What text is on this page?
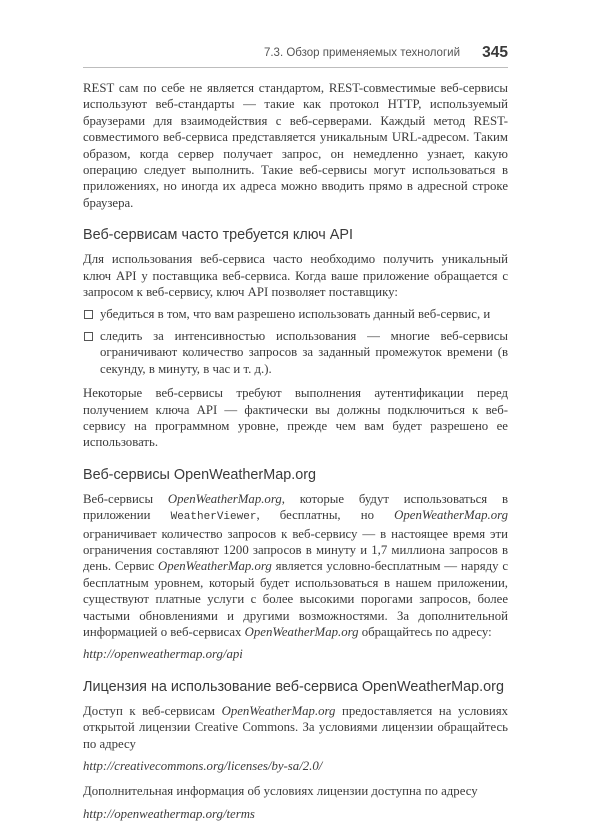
7.3. Обзор применяемых технологий 345

REST сам по себе не является стандартом, REST-совместимые веб-сервисы используют веб-стандарты — такие как протокол HTTP, используемый браузерами для взаимодействия с веб-серверами. Каждый метод REST-совместимого веб-сервиса представляется уникальным URL-адресом. Таким образом, когда сервер получает запрос, он немедленно узнает, какую операцию следует выполнить. Такие веб-сервисы могут использоваться в приложениях, но иногда их адреса можно вводить прямо в адресной строке браузера.

Веб-сервисам часто требуется ключ API

Для использования веб-сервиса часто необходимо получить уникальный ключ API у поставщика веб-сервиса. Когда ваше приложение обращается с запросом к веб-сервису, ключ API позволяет поставщику:

убедиться в том, что вам разрешено использовать данный веб-сервис, и
следить за интенсивностью использования — многие веб-сервисы ограничивают количество запросов за заданный промежуток времени (в секунду, в минуту, в час и т. д.).

Некоторые веб-сервисы требуют выполнения аутентификации перед получением ключа API — фактически вы должны подключиться к веб-сервису на программном уровне, прежде чем вам будет разрешено ее использовать.

Веб-сервисы OpenWeatherMap.org

Веб-сервисы OpenWeatherMap.org, которые будут использоваться в приложении WeatherViewer, бесплатны, но OpenWeatherMap.org ограничивает количество запросов к веб-сервису — в настоящее время эти ограничения составляют 1200 запросов в минуту и 1,7 миллиона запросов в день. Сервис OpenWeatherMap.org является условно-бесплатным — наряду с бесплатным уровнем, который будет использоваться в нашем приложении, существуют платные услуги с более высокими порогами запросов, более частыми обновлениями и другими возможностями. За дополнительной информацией о веб-сервисах OpenWeatherMap.org обращайтесь по адресу:

http://openweathermap.org/api
Лицензия на использование веб-сервиса OpenWeatherMap.org

Доступ к веб-сервисам OpenWeatherMap.org предоставляется на условиях открытой лицензии Creative Commons. За условиями лицензии обращайтесь по адресу

http://creativecommons.org/licenses/by-sa/2.0/

Дополнительная информация об условиях лицензии доступна по адресу

http://openweathermap.org/terms
